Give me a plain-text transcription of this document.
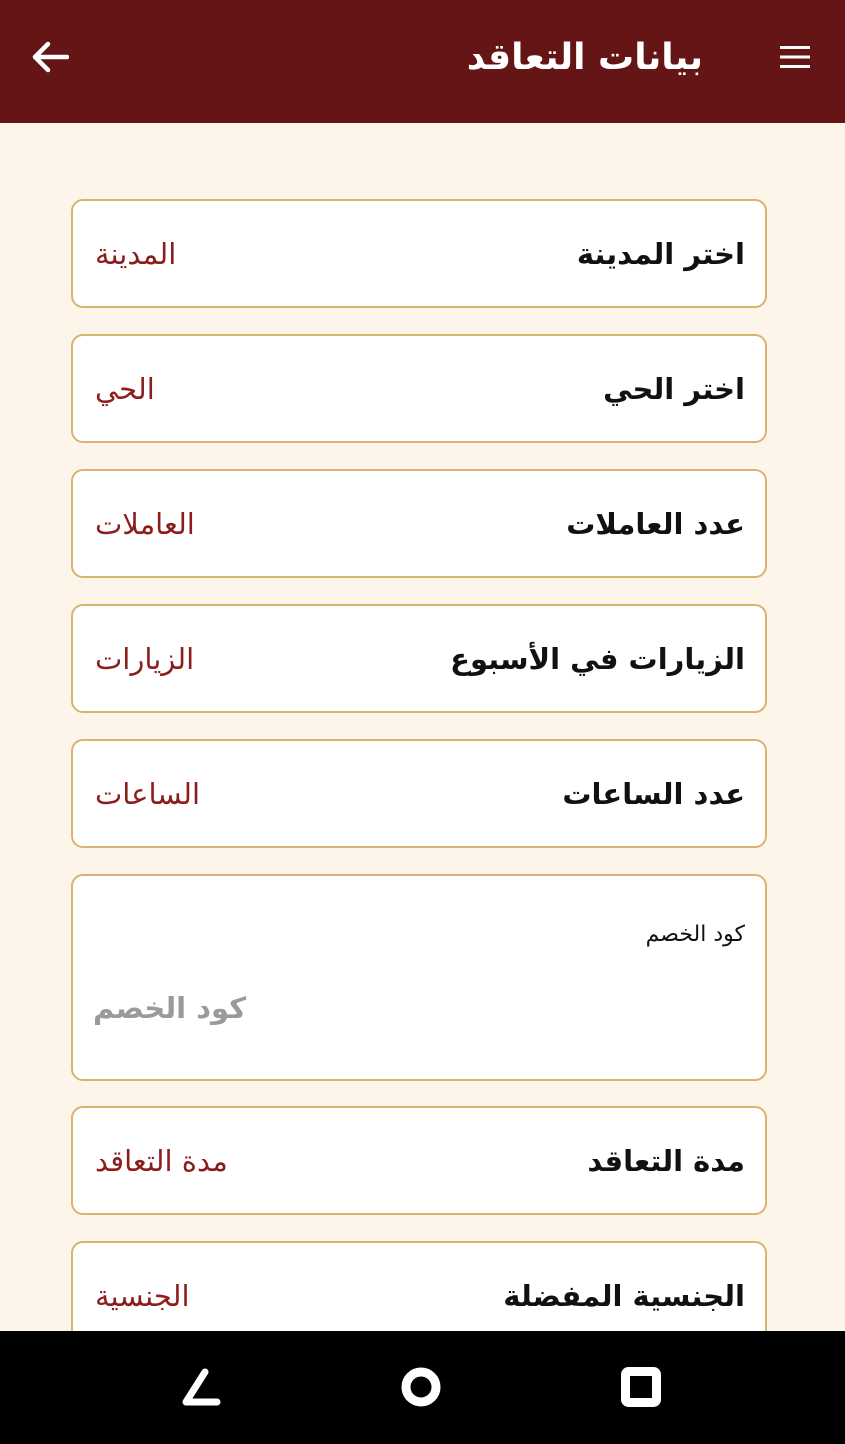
بيانات التعاقد
اختر المدينة
المدينة
اختر الحي
الحي
عدد العاملات
العاملات
الزيارات في الأسبوع
الزيارات
عدد الساعات
الساعات
كود الخصم
كود الخصم
مدة التعاقد
مدة التعاقد
الجنسية المفضلة
الجنسية
